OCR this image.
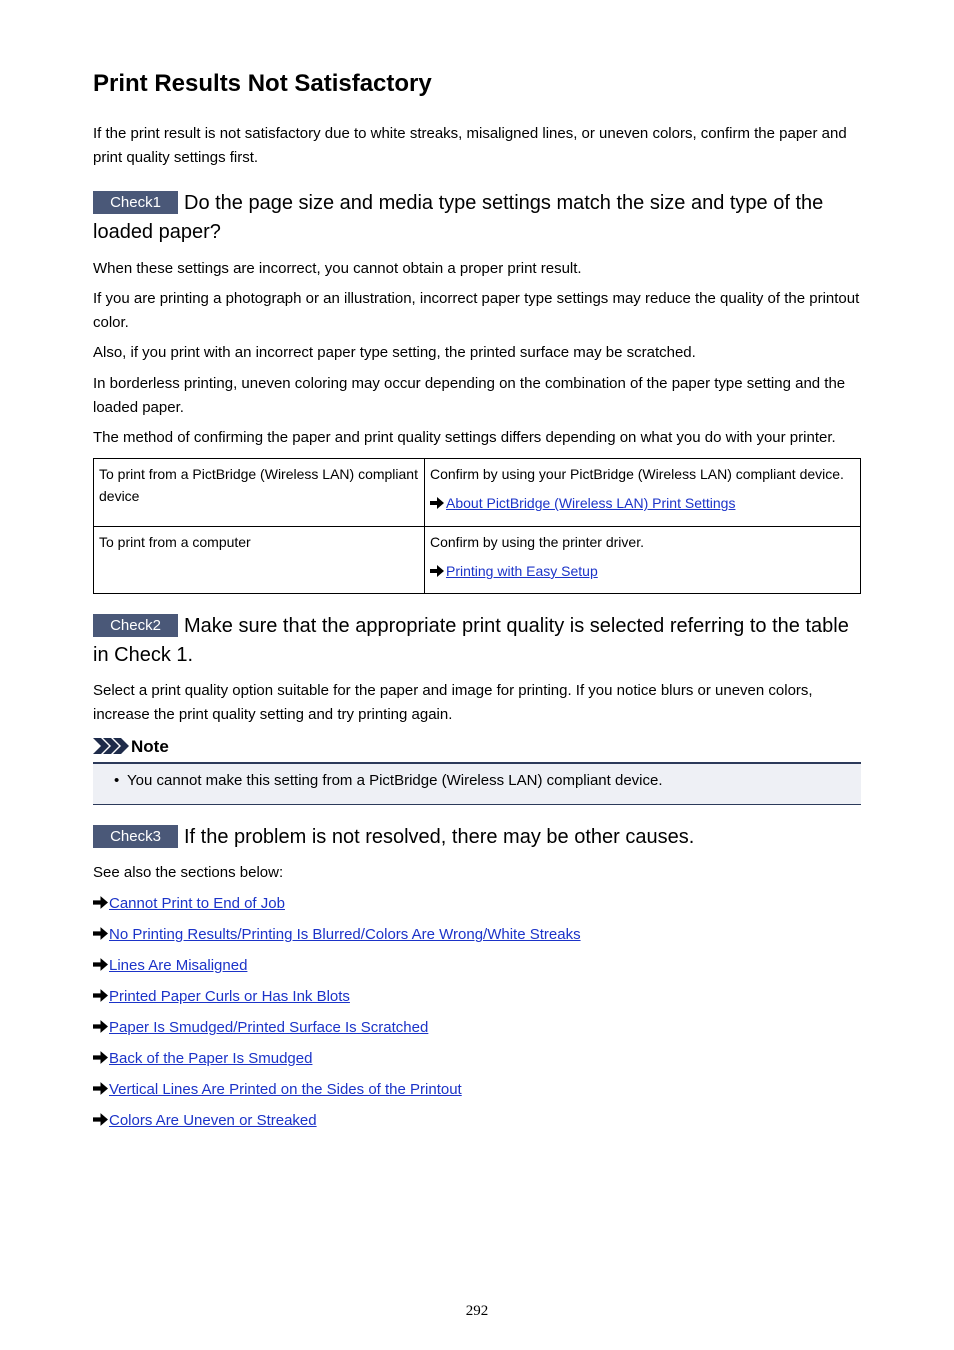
Print Results Not Satisfactory

If the print result is not satisfactory due to white streaks, misaligned lines, or uneven colors, confirm the paper and print quality settings first.

Check1 Do the page size and media type settings match the size and type of the loaded paper?

When these settings are incorrect, you cannot obtain a proper print result.

If you are printing a photograph or an illustration, incorrect paper type settings may reduce the quality of the printout color.

Also, if you print with an incorrect paper type setting, the printed surface may be scratched.

In borderless printing, uneven coloring may occur depending on the combination of the paper type setting and the loaded paper.

The method of confirming the paper and print quality settings differs depending on what you do with your printer.

To print from a PictBridge (Wireless LAN) compliant device	Confirm by using your PictBridge (Wireless LAN) compliant device.

About PictBridge (Wireless LAN) Print Settings

To print from a computer	Confirm by using the printer driver.

Printing with Easy Setup

Check2 Make sure that the appropriate print quality is selected referring to the table in Check 1.

Select a print quality option suitable for the paper and image for printing. If you notice blurs or uneven colors, increase the print quality setting and try printing again.

Note
• You cannot make this setting from a PictBridge (Wireless LAN) compliant device.
Check3 If the problem is not resolved, there may be other causes.

See also the sections below:

Cannot Print to End of Job

No Printing Results/Printing Is Blurred/Colors Are Wrong/White Streaks

Lines Are Misaligned

Printed Paper Curls or Has Ink Blots

Paper Is Smudged/Printed Surface Is Scratched

Back of the Paper Is Smudged

Vertical Lines Are Printed on the Sides of the Printout

Colors Are Uneven or Streaked

292
